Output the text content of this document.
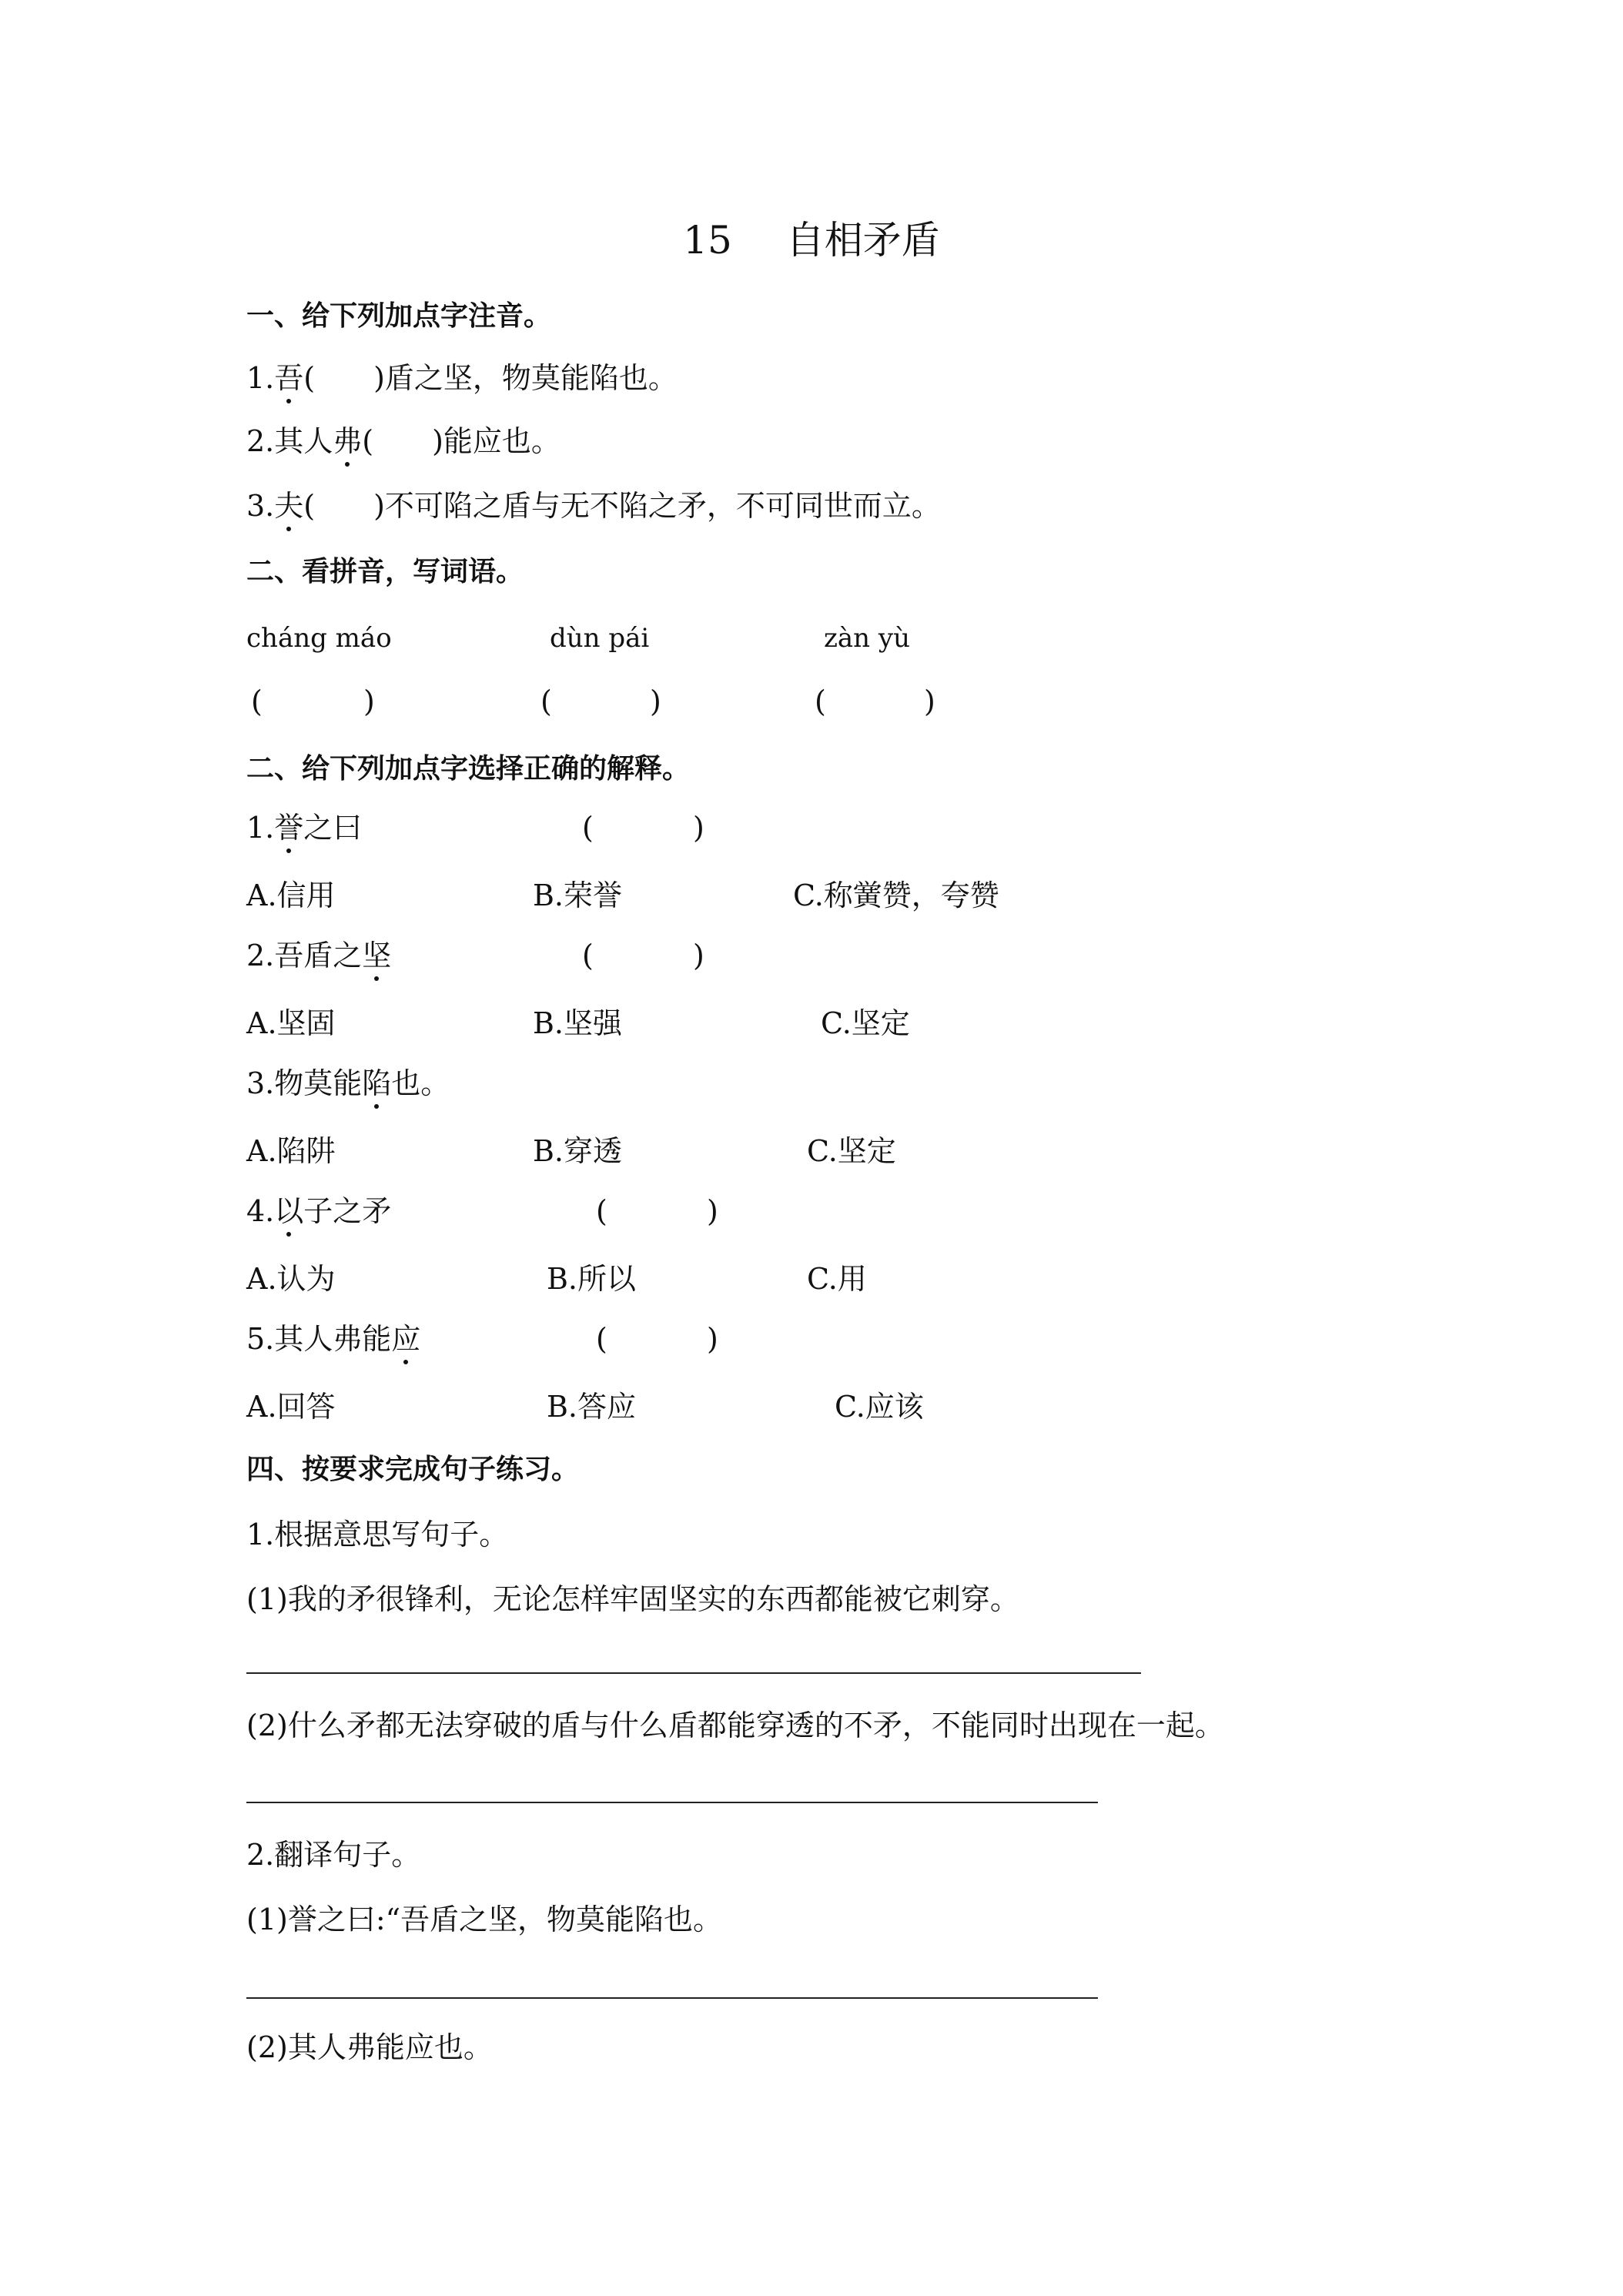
15 自相矛盾
一、给下列加点字注音。
1.吾(　　)盾之坚，物莫能陷也。
2.其人弗(　　)能应也。
3.夫(　　)不可陷之盾与无不陷之矛，不可同世而立。
二、看拼音，写词语。
cháng máo	dùn pái	zàn yù
(	)	(	)	(	)
二、给下列加点字选择正确的解释。
1.誉之曰	(	)
A.信用	B.荣誉	C.称黉赞，夸赞
2.吾盾之坚	(	)
A.坚固	B.坚强	C.坚定
3.物莫能陷也。
A.陷阱	B.穿透	C.坚定
4.以子之矛	(	)
A.认为	B.所以	C.用
5.其人弗能应	(	)
A.回答	B.答应	C.应该
四、按要求完成句子练习。
1.根据意思写句子。
(1)我的矛很锋利，无论怎样牢固坚实的东西都能被它刺穿。
(2)什么矛都无法穿破的盾与什么盾都能穿透的不矛，不能同时出现在一起。
2.翻译句子。
(1)誉之曰:“吾盾之坚，物莫能陷也。
(2)其人弗能应也。
